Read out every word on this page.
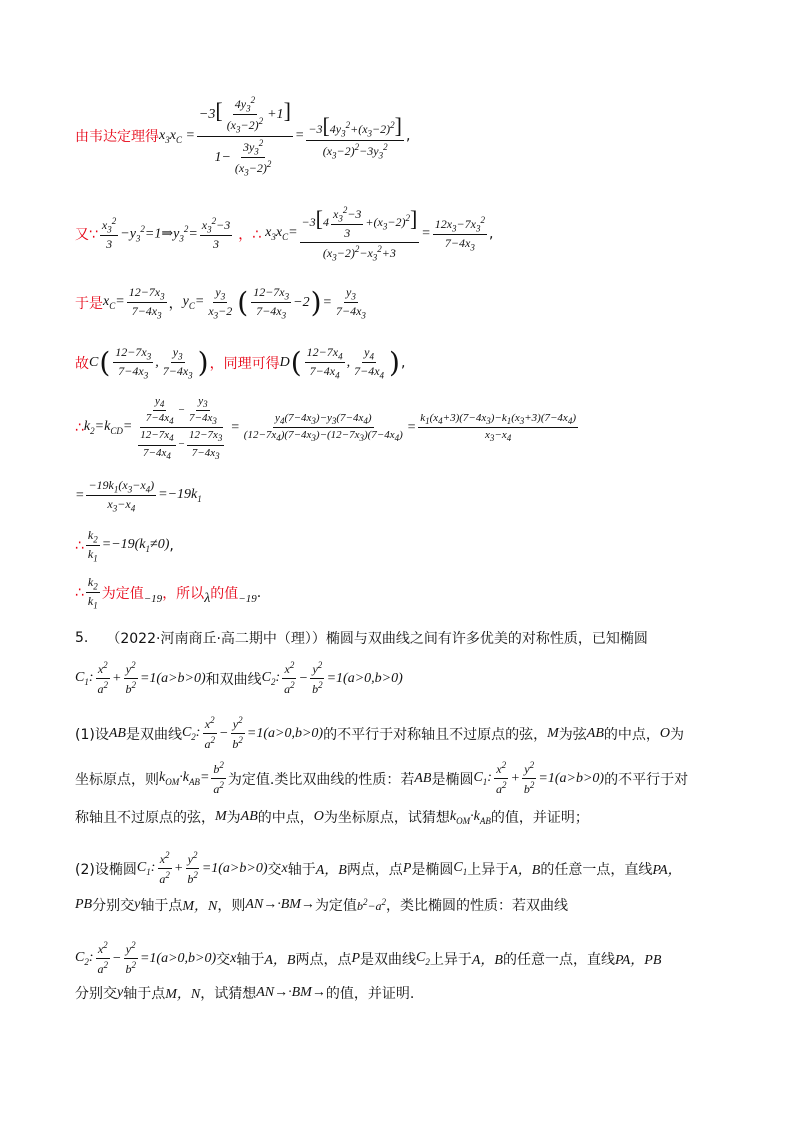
由韦达定理得 $x_3x_C = \frac{-3[ \frac{4y_3^2}{(x_3-2)^2} +1]}{1- \frac{3y_3^2}{(x_3-2)^2}} = \frac{-3[4y_3^2+(x_3-2)^2]}{(x_3-2)^2-3y_3^2}$ ,
又∵ $\frac{x_3^2}{3}$ $-y_3^2=1\Rightarrow y_3^2= \frac{x_3^2-3}{3}$ ，∴ $x_3x_C= \frac{-3[4 \frac{x_3^2-3}{3} +(x_3-2)^2]}{(x_3-2)^2-x_3^2+3} = \frac{12x_3-7x_3^2}{7-4x_3}$ ,
于是 $x_C= \frac{12-7x_3}{7-4x_3}$ ， $y_C= \frac{y_3}{x_3-2}$ ( $\frac{12-7x_3}{7-4x_3} -2$ ) = $\frac{y_3}{7-4x_3}$
故 C ( $\frac{12-7x_3}{7-4x_3}$ , $\frac{y_3}{7-4x_3}$ ) ， 同理可得 D ( $\frac{12-7x_4}{7-4x_4}$ , $\frac{y_4}{7-4x_4}$ ) ,
∴ $k_2=k_{CD}= \frac{\frac{y_4}{7-4x_4} - \frac{y_3}{7-4x_3}}{\frac{12-7x_4}{7-4x_4} - \frac{12-7x_3}{7-4x_3}} = \frac{y_4(7-4x_3)-y_3(7-4x_4)}{(12-7x_4)(7-4x_3)-(12-7x_3)(7-4x_4)} = \frac{k_1(x_4+3)(7-4x_3)-k_1(x_3+3)(7-4x_4)}{x_3-x_4}$
= $\frac{-19k_1(x_3-x_4)}{x_3-x_4} =-19k_1$
∴ $\frac{k_2}{k_1} =-19(k_1\ne 0)$ ,
∴ $\frac{k_2}{k_1}$ 为定值 −19 ，所以 λ 的值 −19 .
5. （2022·河南商丘·高二期中（理）） 椭圆与双曲线之间有许多优美的对称性质，已知椭圆
$C_1$: $\frac{x^2}{a^2} + \frac{y^2}{b^2} =1(a>b>0)$ 和双曲线 $C_2$: $\frac{x^2}{a^2} - \frac{y^2}{b^2} =1(a>0,b>0)$
(1)设 AB 是双曲线 $C_2$: $\frac{x^2}{a^2} - \frac{y^2}{b^2} =1(a>0,b>0)$ 的不平行于对称轴且不过原点的弦， M 为弦 AB 的中点， O 为
坐标原点，则 $k_{OM}\cdot k_{AB}= \frac{b^2}{a^2}$ 为定值.类比双曲线的性质：若 AB 是椭圆 $C_1$: $\frac{x^2}{a^2} + \frac{y^2}{b^2} =1(a>b>0)$ 的不平行于对
称轴且不过原点的弦， M 为 AB 的中点， O 为坐标原点，试猜想 $k_{OM}\cdot k_{AB}$ 的值，并证明；
(2)设椭圆 $C_1$: $\frac{x^2}{a^2} + \frac{y^2}{b^2} =1(a>b>0)$ 交 x 轴于 A，B 两点，点 P 是椭圆 $C_1$ 上异于 A，B 的任意一点，直线 PA，
PB 分别交 y 轴于点 M，N ，则 AN→·BM→ 为定值 $b^2-a^2$ ，类比椭圆的性质：若双曲线
$C_2$: $\frac{x^2}{a^2} - \frac{y^2}{b^2} =1(a>0,b>0)$ 交 x 轴于 A，B 两点，点 P 是双曲线 $C_2$ 上异于 A，B 的任意一点，直线 PA，PB
分别交 y 轴于点 M，N ，试猜想 AN→·BM→ 的值，并证明.
